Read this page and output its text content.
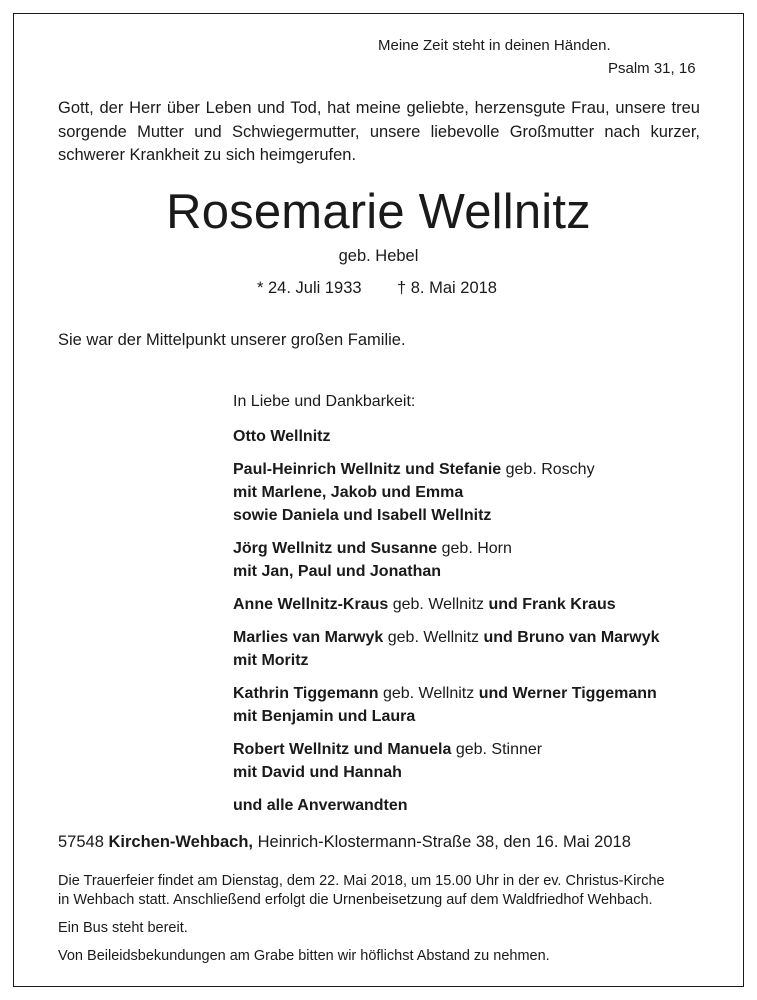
Meine Zeit steht in deinen Händen.
Psalm 31, 16
Gott, der Herr über Leben und Tod, hat meine geliebte, herzensgute Frau, unsere treu sorgende Mutter und Schwiegermutter, unsere liebevolle Großmutter nach kurzer, schwerer Krankheit zu sich heimgerufen.
Rosemarie Wellnitz
geb. Hebel
* 24. Juli 1933 † 8. Mai 2018
Sie war der Mittelpunkt unserer großen Familie.
In Liebe und Dankbarkeit:
Otto Wellnitz
Paul-Heinrich Wellnitz und Stefanie geb. Roschy
mit Marlene, Jakob und Emma
sowie Daniela und Isabell Wellnitz
Jörg Wellnitz und Susanne geb. Horn
mit Jan, Paul und Jonathan
Anne Wellnitz-Kraus geb. Wellnitz und Frank Kraus
Marlies van Marwyk geb. Wellnitz und Bruno van Marwyk
mit Moritz
Kathrin Tiggemann geb. Wellnitz und Werner Tiggemann
mit Benjamin und Laura
Robert Wellnitz und Manuela geb. Stinner
mit David und Hannah
und alle Anverwandten
57548 Kirchen-Wehbach, Heinrich-Klostermann-Straße 38, den 16. Mai 2018
Die Trauerfeier findet am Dienstag, dem 22. Mai 2018, um 15.00 Uhr in der ev. Christus-Kirche
in Wehbach statt. Anschließend erfolgt die Urnenbeisetzung auf dem Waldfriedhof Wehbach.
Ein Bus steht bereit.
Von Beileidsbekundungen am Grabe bitten wir höflichst Abstand zu nehmen.
